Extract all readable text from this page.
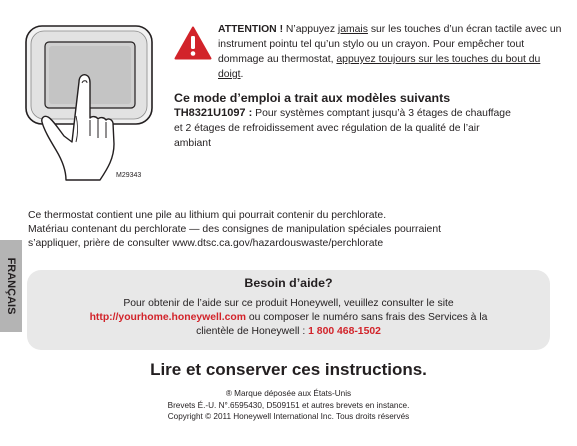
M29343
ATTENTION ! N’appuyez jamais sur les touches d’un écran tactile avec un instrument pointu tel qu’un stylo ou un crayon. Pour empêcher tout dommage au thermostat, appuyez toujours sur les touches du bout du doigt.
Ce mode d’emploi a trait aux modèles suivants
TH8321U1097 : Pour systèmes comptant jusqu’à 3 étages de chauffage et 2 étages de refroidissement avec régulation de la qualité de l’air ambiant
Ce thermostat contient une pile au lithium qui pourrait contenir du perchlorate.
Matériau contenant du perchlorate — des consignes de manipulation spéciales pourraient
s’appliquer, prière de consulter www.dtsc.ca.gov/hazardouswaste/perchlorate
FRANÇAIS	Besoin d’aide?
Pour obtenir de l’aide sur ce produit Honeywell, veuillez consulter le site
http://yourhome.honeywell.com ou composer le numéro sans frais des Services à la
clientèle de Honeywell : 1 800 468-1502
Lire et conserver ces instructions.
® Marque déposée aux États-Unis
Brevets É.-U. N°.6595430, D509151 et autres brevets en instance.
Copyright © 2011 Honeywell International Inc. Tous droits réservés
